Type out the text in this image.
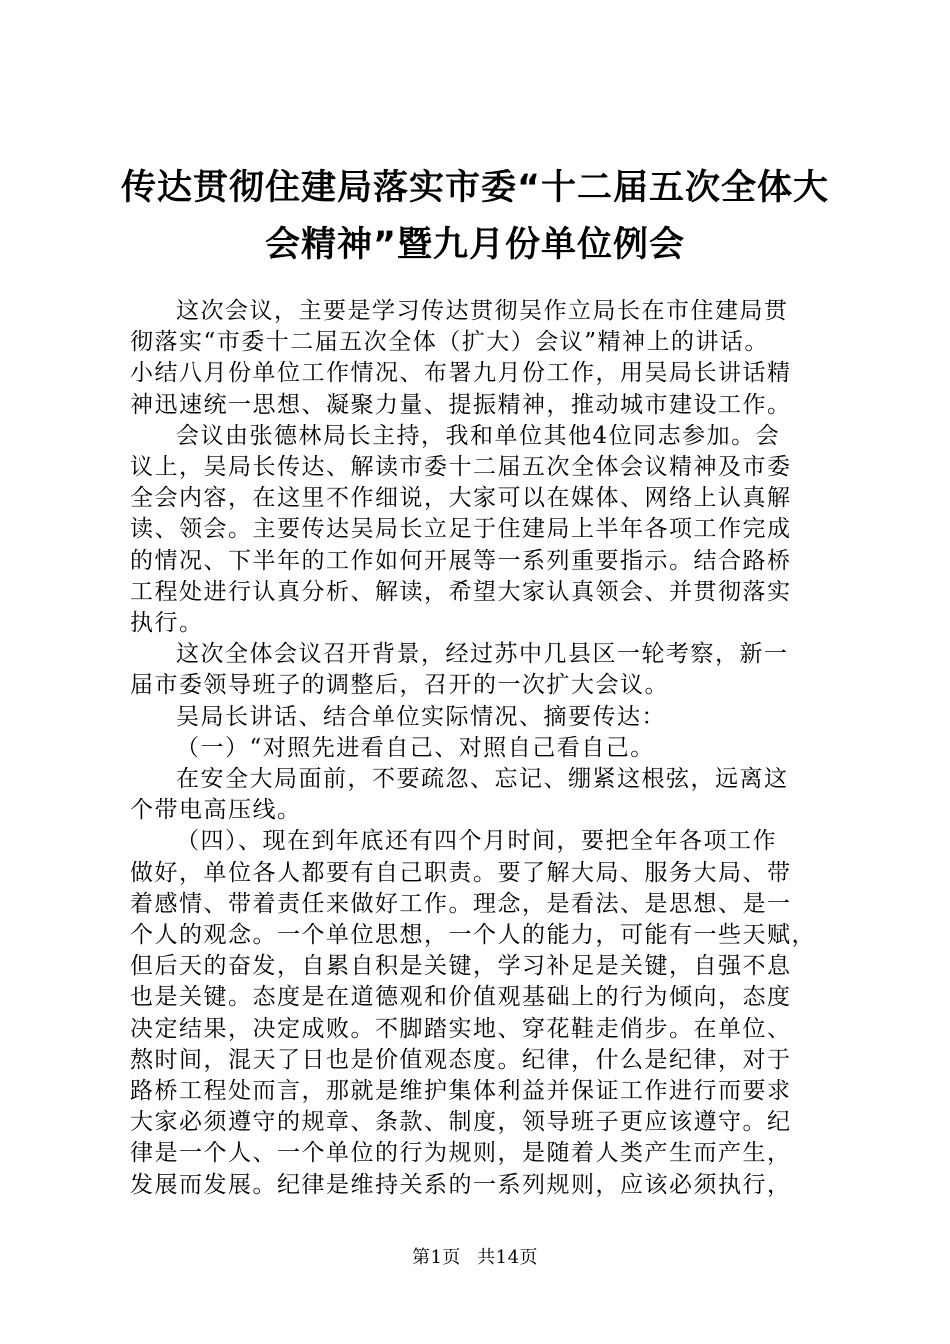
传达贯彻住建局落实市委“十二届五次全体大
会精神”暨九月份单位例会

这次会议，主要是学习传达贯彻吴作立局长在市住建局贯
彻落实“市委十二届五次全体（扩大）会议”精神上的讲话。
小结八月份单位工作情况、布署九月份工作，用吴局长讲话精
神迅速统一思想、凝聚力量、提振精神，推动城市建设工作。

会议由张德林局长主持，我和单位其他4位同志参加。会
议上，吴局长传达、解读市委十二届五次全体会议精神及市委
全会内容，在这里不作细说，大家可以在媒体、网络上认真解
读、领会。主要传达吴局长立足于住建局上半年各项工作完成
的情况、下半年的工作如何开展等一系列重要指示。结合路桥
工程处进行认真分析、解读，希望大家认真领会、并贯彻落实
执行。

这次全体会议召开背景，经过苏中几县区一轮考察，新一
届市委领导班子的调整后，召开的一次扩大会议。

吴局长讲话、结合单位实际情况、摘要传达：

（一）“对照先进看自己、对照自己看自己。

在安全大局面前，不要疏忽、忘记、绷紧这根弦，远离这
个带电高压线。

（四）、现在到年底还有四个月时间，要把全年各项工作
做好，单位各人都要有自己职责。要了解大局、服务大局、带
着感情、带着责任来做好工作。理念，是看法、是思想、是一
个人的观念。一个单位思想，一个人的能力，可能有一些天赋，
但后天的奋发，自累自积是关键，学习补足是关键，自强不息
也是关键。态度是在道德观和价值观基础上的行为倾向，态度
决定结果，决定成败。不脚踏实地、穿花鞋走俏步。在单位、
熬时间，混天了日也是价值观态度。纪律，什么是纪律，对于
路桥工程处而言，那就是维护集体利益并保证工作进行而要求
大家必须遵守的规章、条款、制度，领导班子更应该遵守。纪
律是一个人、一个单位的行为规则，是随着人类产生而产生，
发展而发展。纪律是维持关系的一系列规则，应该必须执行，

第1页 共14页
